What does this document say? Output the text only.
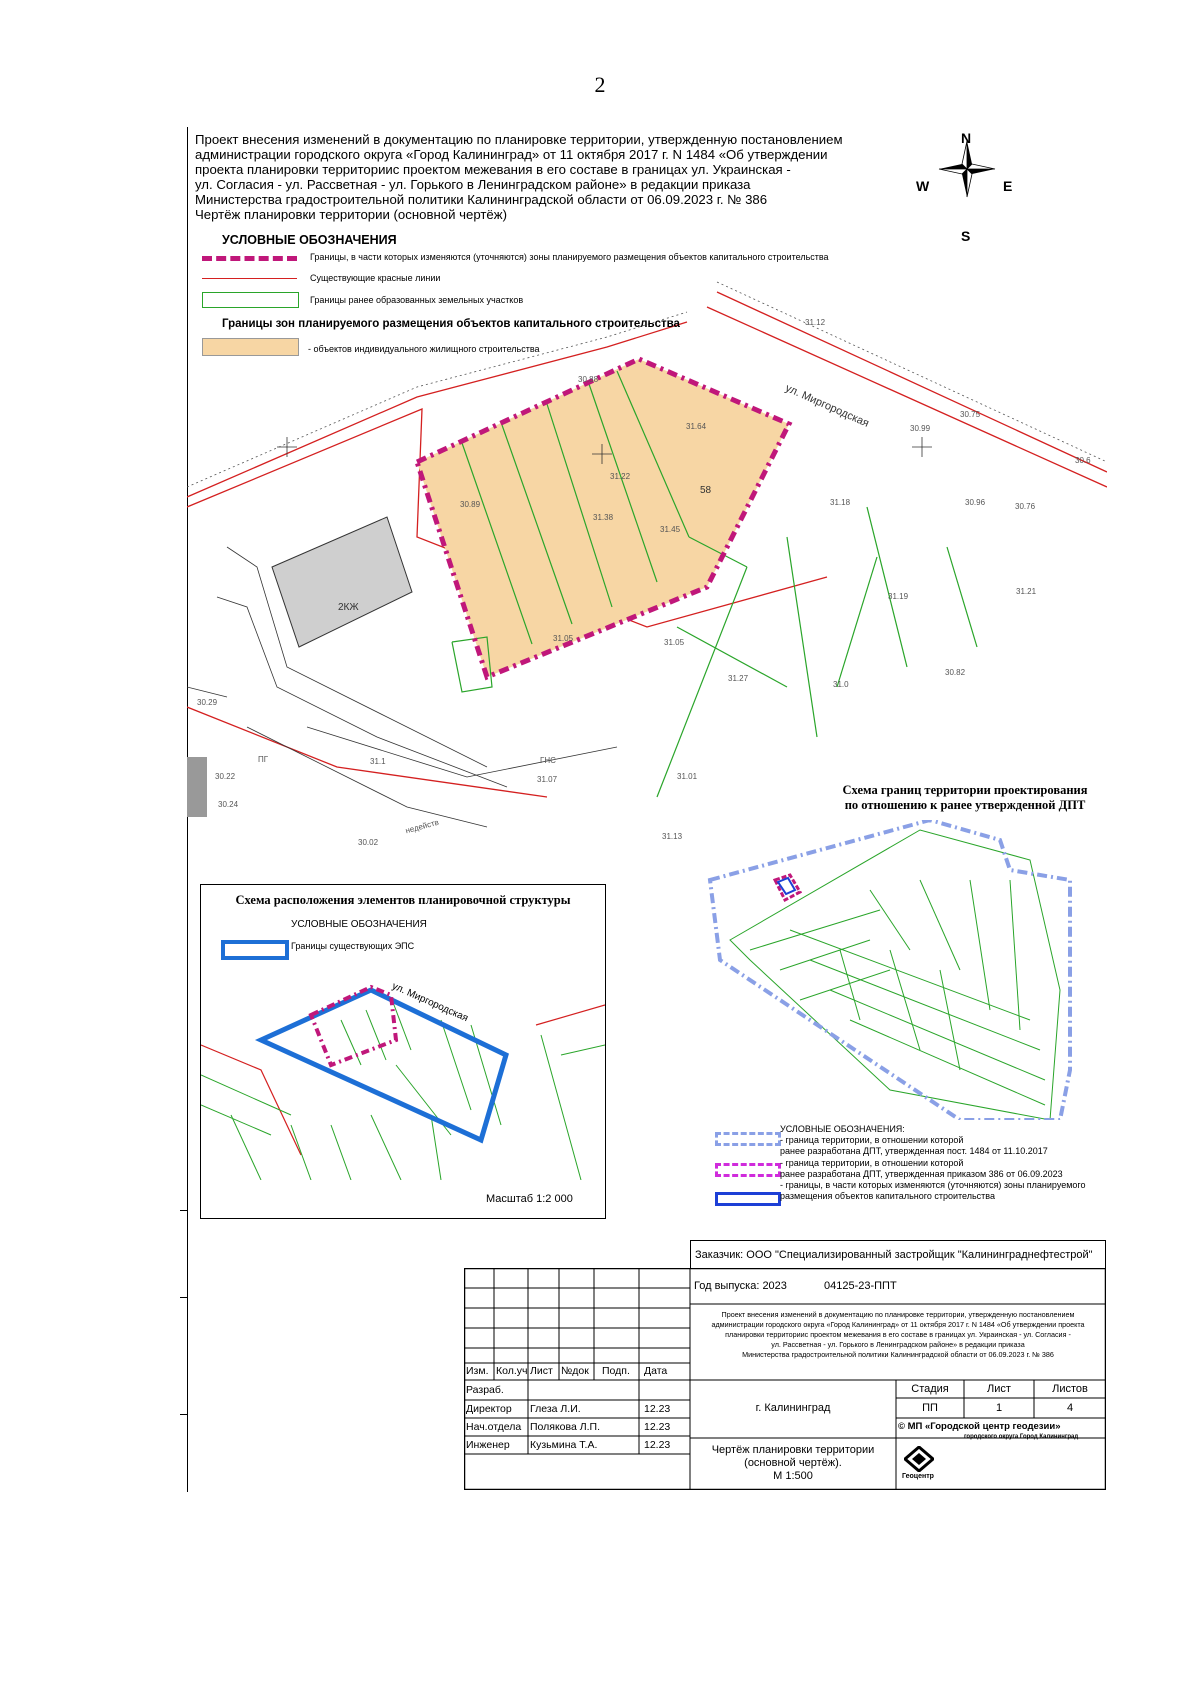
2
N
S
W	E
Проект внесения изменений в документацию по планировке территории, утвержденную постановлением
администрации городского округа «Город Калининград» от 11 октября 2017 г. N 1484 «Об утверждении
проекта планировки территориис проектом межевания в его составе в границах ул. Украинская -
ул. Согласия - ул. Рассветная - ул. Горького в Ленинградском районе» в редакции приказа
Министерства градостроительной политики Калининградской области от 06.09.2023 г. № 386
Чертёж планировки территории (основной чертёж)
УСЛОВНЫЕ ОБОЗНАЧЕНИЯ
Границы, в части которых изменяются (уточняются) зоны планируемого размещения объектов капитального строительства
Существующие красные линии
Границы ранее образованных земельных участков
Границы зон планируемого размещения объектов капитального строительства
- объектов индивидуального жилищного строительства
ул. Миргородская
58
2КЖ
30.88
31.12
30.75
30.99
30.6
31.64
31.22
31.38
31.45
30.89	31.18	30.96	30.76
31.05	31.05
31.27
31.0
30.82
31.19
31.21
30.29
30.22
30.24
30.02
31.01
31.07
31.1
31.13
ГНС
ПГ
недейств
Схема расположения элементов планировочной структуры
УСЛОВНЫЕ ОБОЗНАЧЕНИЯ
Границы существующих ЭПС
ул. Миргородская
Масштаб 1:2 000
Схема границ территории проектирования
по отношению к ранее утвержденной ДПТ
УСЛОВНЫЕ ОБОЗНАЧЕНИЯ:
- граница территории, в отношении которой
ранее разработана ДПТ, утвержденная пост. 1484 от 11.10.2017
- граница территории, в отношении которой
ранее разработана ДПТ, утвержденная приказом 386 от 06.09.2023
- границы, в части которых изменяются (уточняются) зоны планируемого
размещения объектов капитального строительства
Заказчик: ООО "Специализированный застройщик "Калининграднефтестрой"
Год выпуска: 2023	04125-23-ППТ
Проект внесения изменений в документацию по планировке территории, утвержденную постановлением
администрации городского округа «Город Калининград» от 11 октября 2017 г. N 1484 «Об утверждении проекта
планировки территориис проектом межевания в его составе в границах ул. Украинская - ул. Согласия -
ул. Рассветная - ул. Горького в Ленинградском районе» в редакции приказа
Министерства градостроительной политики Калининградской области от 06.09.2023 г. № 386
Изм. Кол.уч Лист №док Подп. Дата
Разраб.
Директор Глеза Л.И.	12.23
Нач.отдела Полякова Л.П.	12.23
Инженер Кузьмина Т.А.	12.23
г. Калининград
Стадия	Лист	Листов
ПП	1	4
Чертёж планировки территории
(основной чертёж).
М 1:500
© МП «Городской центр геодезии»
городского округа Город Калининград
Геоцентр
